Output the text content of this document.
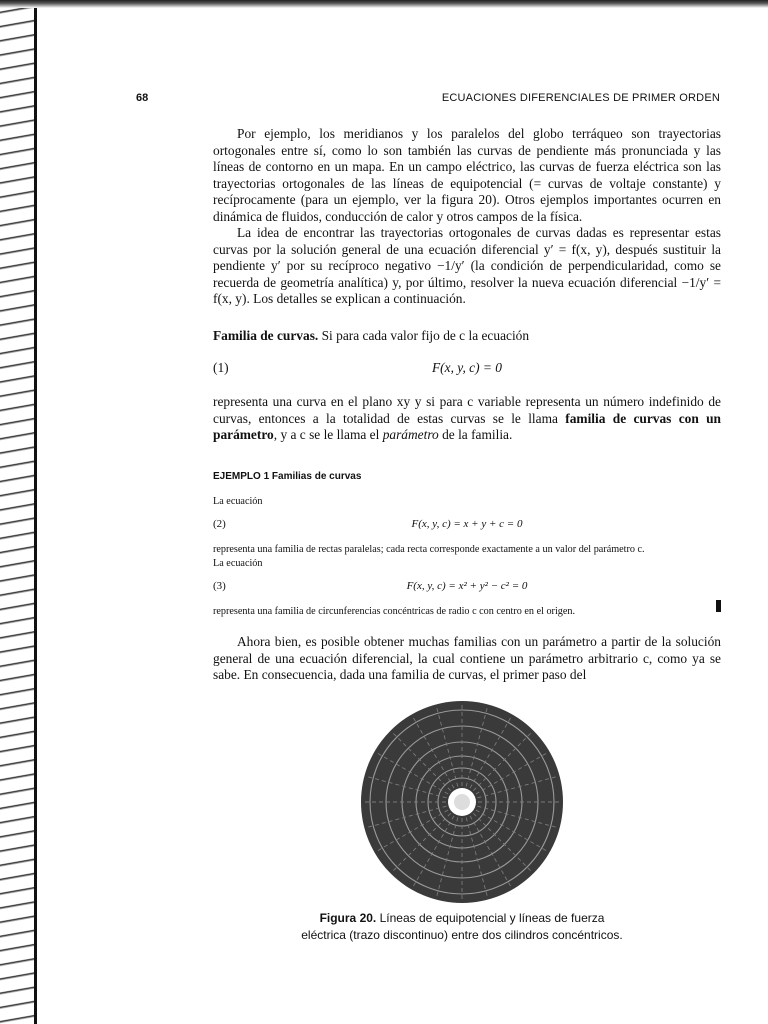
68	ECUACIONES DIFERENCIALES DE PRIMER ORDEN

Por ejemplo, los meridianos y los paralelos del globo terráqueo son trayectorias ortogonales entre sí, como lo son también las curvas de pendiente más pronunciada y las líneas de contorno en un mapa. En un campo eléctrico, las curvas de fuerza eléctrica son las trayectorias ortogonales de las líneas de equipotencial (= curvas de voltaje constante) y recíprocamente (para un ejemplo, ver la figura 20). Otros ejemplos importantes ocurren en dinámica de fluidos, conducción de calor y otros campos de la física.

La idea de encontrar las trayectorias ortogonales de curvas dadas es representar estas curvas por la solución general de una ecuación diferencial y′ = f(x, y), después sustituir la pendiente y′ por su recíproco negativo −1/y′ (la condición de perpendicularidad, como se recuerda de geometría analítica) y, por último, resolver la nueva ecuación diferencial −1/y′ = f(x, y). Los detalles se explican a continuación.

Familia de curvas. Si para cada valor fijo de c la ecuación

(1)	F(x, y, c) = 0

representa una curva en el plano xy y si para c variable representa un número indefinido de curvas, entonces a la totalidad de estas curvas se le llama familia de curvas con un parámetro, y a c se le llama el parámetro de la familia.

EJEMPLO 1 Familias de curvas
La ecuación
(2)	F(x, y, c) = x + y + c = 0
representa una familia de rectas paralelas; cada recta corresponde exactamente a un valor del parámetro c.
La ecuación
(3)	F(x, y, c) = x² + y² − c² = 0
representa una familia de circunferencias concéntricas de radio c con centro en el origen.

Ahora bien, es posible obtener muchas familias con un parámetro a partir de la solución general de una ecuación diferencial, la cual contiene un parámetro arbitrario c, como ya se sabe. En consecuencia, dada una familia de curvas, el primer paso del

Figura 20. Líneas de equipotencial y líneas de fuerza
eléctrica (trazo discontinuo) entre dos cilindros concéntricos.
